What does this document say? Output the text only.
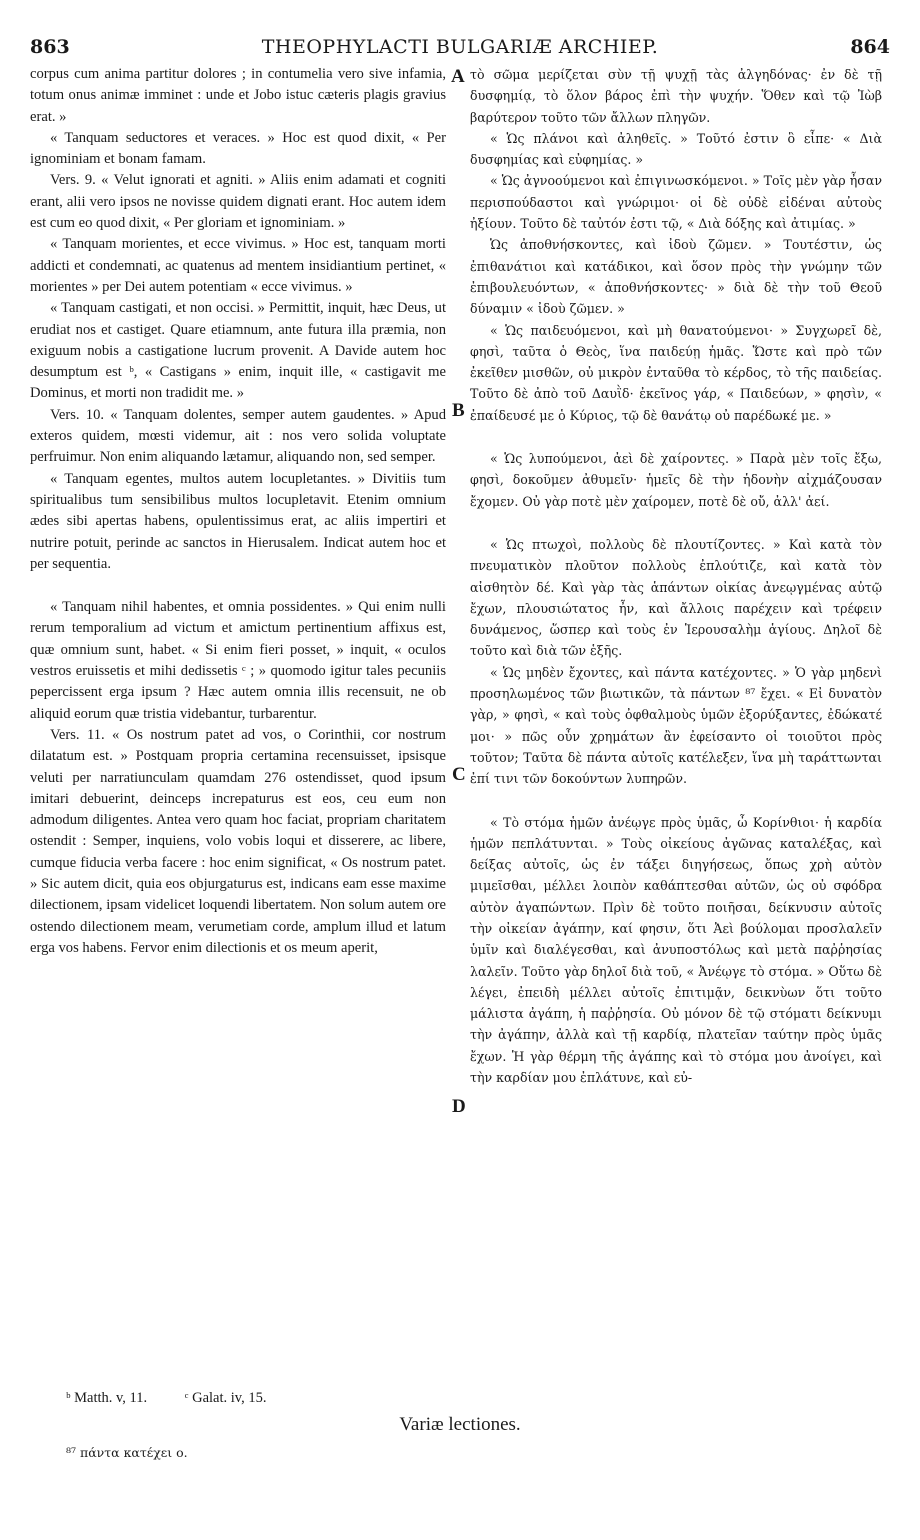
863	THEOPHYLACTI BULGARIÆ ARCHIEP.	864

corpus cum anima partitur dolores ; in contumelia vero sive infamia, totum onus animæ imminet : unde et Jobo istuc cæteris plagis gravius erat. »

« Tanquam seductores et veraces. » Hoc est quod dixit, « Per ignominiam et bonam famam.

Vers. 9. « Velut ignorati et agniti. » Aliis enim adamati et cogniti erant, alii vero ipsos ne novisse quidem dignati erant. Hoc autem idem est cum eo quod dixit, « Per gloriam et ignominiam. »

« Tanquam morientes, et ecce vivimus. » Hoc est, tanquam morti addicti et condemnati, ac quatenus ad mentem insidiantium pertinet, « morientes » per Dei autem potentiam « ecce vivimus. »

« Tanquam castigati, et non occisi. » Permittit, inquit, hæc Deus, ut erudiat nos et castiget. Quare etiamnum, ante futura illa præmia, non exiguum nobis a castigatione lucrum provenit. A Davide autem hoc desumptum est ᵇ, « Castigans » enim, inquit ille, « castigavit me Dominus, et morti non tradidit me. »

Vers. 10. « Tanquam dolentes, semper autem gaudentes. » Apud exteros quidem, mœsti videmur, ait : nos vero solida voluptate perfruimur. Non enim aliquando lætamur, aliquando non, sed semper.

« Tanquam egentes, multos autem locupletantes. » Divitiis tum spiritualibus tum sensibilibus multos locupletavit. Etenim omnium ædes sibi apertas habens, opulentissimus erat, ac aliis impertiri et nutrire potuit, perinde ac sanctos in Hierusalem. Indicat autem hoc et per sequentia.

« Tanquam nihil habentes, et omnia possidentes. » Qui enim nulli rerum temporalium ad victum et amictum pertinentium affixus est, quæ omnium sunt, habet. « Si enim fieri posset, » inquit, « oculos vestros eruissetis et mihi dedissetis ᶜ ; » quomodo igitur tales pecuniis pepercissent erga ipsum ? Hæc autem omnia illis recensuit, ne ob aliquid eorum quæ tristia videbantur, turbarentur.

Vers. 11. « Os nostrum patet ad vos, o Corinthii, cor nostrum dilatatum est. » Postquam propria certamina recensuisset, ipsisque veluti per narratiunculam quamdam 276 ostendisset, quod ipsum imitari debuerint, deinceps increpaturus est eos, ceu eum non admodum diligentes. Antea vero quam hoc faciat, propriam charitatem ostendit : Semper, inquiens, volo vobis loqui et disserere, ac libere, cumque fiducia verba facere : hoc enim significat, « Os nostrum patet. » Sic autem dicit, quia eos objurgaturus est, indicans eam esse maxime dilectionem, ipsam videlicet loquendi libertatem. Non solum autem ore ostendo dilectionem meam, verumetiam corde, amplum illud et latum erga vos habens. Fervor enim dilectionis et os meum aperit,

τὸ σῶμα μερίζεται σὺν τῇ ψυχῇ τὰς ἀλγηδόνας· ἐν δὲ τῇ δυσφημίᾳ, τὸ ὅλον βάρος ἐπὶ τὴν ψυχήν. Ὅθεν καὶ τῷ Ἰὼβ βαρύτερον τοῦτο τῶν ἄλλων πληγῶν.

« Ὡς πλάνοι καὶ ἀληθεῖς. » Τοῦτό ἐστιν ὃ εἶπε· « Διὰ δυσφημίας καὶ εὐφημίας. »

« Ὡς ἀγνοούμενοι καὶ ἐπιγινωσκόμενοι. » Τοῖς μὲν γὰρ ἦσαν περισπούδαστοι καὶ γνώριμοι· οἱ δὲ οὐδὲ εἰδέναι αὐτοὺς ἠξίουν. Τοῦτο δὲ ταὐτόν ἐστι τῷ, « Διὰ δόξης καὶ ἀτιμίας. »

Ὡς ἀποθνήσκοντες, καὶ ἰδοὺ ζῶμεν. » Τουτέστιν, ὡς ἐπιθανάτιοι καὶ κατάδικοι, καὶ ὅσον πρὸς τὴν γνώμην τῶν ἐπιβουλευόντων, « ἀποθνήσκοντες· » διὰ δὲ τὴν τοῦ Θεοῦ δύναμιν « ἰδοὺ ζῶμεν. »

« Ὡς παιδευόμενοι, καὶ μὴ θανατούμενοι· » Συγχωρεῖ δὲ, φησὶ, ταῦτα ὁ Θεὸς, ἵνα παιδεύῃ ἡμᾶς. Ὥστε καὶ πρὸ τῶν ἐκεῖθεν μισθῶν, οὐ μικρὸν ἐνταῦθα τὸ κέρδος, τὸ τῆς παιδείας. Τοῦτο δὲ ἀπὸ τοῦ Δαυῒδ· ἐκεῖνος γάρ, « Παιδεύων, » φησὶν, « ἐπαίδευσέ με ὁ Κύριος, τῷ δὲ θανάτῳ οὐ παρέδωκέ με. »

« Ὡς λυπούμενοι, ἀεὶ δὲ χαίροντες. » Παρὰ μὲν τοῖς ἔξω, φησὶ, δοκοῦμεν ἀθυμεῖν· ἡμεῖς δὲ τὴν ἡδονὴν αἰχμάζουσαν ἔχομεν. Οὐ γὰρ ποτὲ μὲν χαίρομεν, ποτὲ δὲ οὔ, ἀλλ' ἀεί.

« Ὡς πτωχοὶ, πολλοὺς δὲ πλουτίζοντες. » Καὶ κατὰ τὸν πνευματικὸν πλοῦτον πολλοὺς ἐπλούτιζε, καὶ κατὰ τὸν αἰσθητὸν δέ. Καὶ γὰρ τὰς ἁπάντων οἰκίας ἀνεῳγμένας αὐτῷ ἔχων, πλουσιώτατος ἦν, καὶ ἄλλοις παρέχειν καὶ τρέφειν δυνάμενος, ὥσπερ καὶ τοὺς ἐν Ἱερουσαλὴμ ἁγίους. Δηλοῖ δὲ τοῦτο καὶ διὰ τῶν ἑξῆς.

« Ὡς μηδὲν ἔχοντες, καὶ πάντα κατέχοντες. » Ὁ γὰρ μηδενὶ προσηλωμένος τῶν βιωτικῶν, τὰ πάντων ⁸⁷ ἔχει. « Εἰ δυνατὸν γὰρ, » φησὶ, « καὶ τοὺς ὀφθαλμοὺς ὑμῶν ἐξορύξαντες, ἐδώκατέ μοι· » πῶς οὖν χρημάτων ἂν ἐφείσαντο οἱ τοιοῦτοι πρὸς τοῦτον; Ταῦτα δὲ πάντα αὐτοῖς κατέλεξεν, ἵνα μὴ ταράττωνται ἐπί τινι τῶν δοκούντων λυπηρῶν.

« Τὸ στόμα ἡμῶν ἀνέῳγε πρὸς ὑμᾶς, ὦ Κορίνθιοι· ἡ καρδία ἡμῶν πεπλάτυνται. » Τοὺς οἰκείους ἀγῶνας καταλέξας, καὶ δείξας αὐτοῖς, ὡς ἐν τάξει διηγήσεως, ὅπως χρὴ αὐτὸν μιμεῖσθαι, μέλλει λοιπὸν καθάπτεσθαι αὐτῶν, ὡς οὐ σφόδρα αὐτὸν ἀγαπώντων. Πρὶν δὲ τοῦτο ποιῆσαι, δείκνυσιν αὐτοῖς τὴν οἰκείαν ἀγάπην, καί φησιν, ὅτι Ἀεὶ βούλομαι προσλαλεῖν ὑμῖν καὶ διαλέγεσθαι, καὶ ἀνυποστόλως καὶ μετὰ παῤῥησίας λαλεῖν. Τοῦτο γὰρ δηλοῖ διὰ τοῦ, « Ἀνέῳγε τὸ στόμα. » Οὕτω δὲ λέγει, ἐπειδὴ μέλλει αὐτοῖς ἐπιτιμᾷν, δεικνὺων ὅτι τοῦτο μάλιστα ἀγάπη, ἡ παῤῥησία. Οὐ μόνον δὲ τῷ στόματι δείκνυμι τὴν ἀγάπην, ἀλλὰ καὶ τῇ καρδίᾳ, πλατεῖαν ταύτην πρὸς ὑμᾶς ἔχων. Ἡ γὰρ θέρμη τῆς ἀγάπης καὶ τὸ στόμα μου ἀνοίγει, καὶ τὴν καρδίαν μου ἐπλάτυνε, καὶ εὐ-

A
B
C
D
ᵇ Matth. v, 11.	ᶜ Galat. iv, 15.
Variæ lectiones.
⁸⁷ πάντα κατέχει ο.
